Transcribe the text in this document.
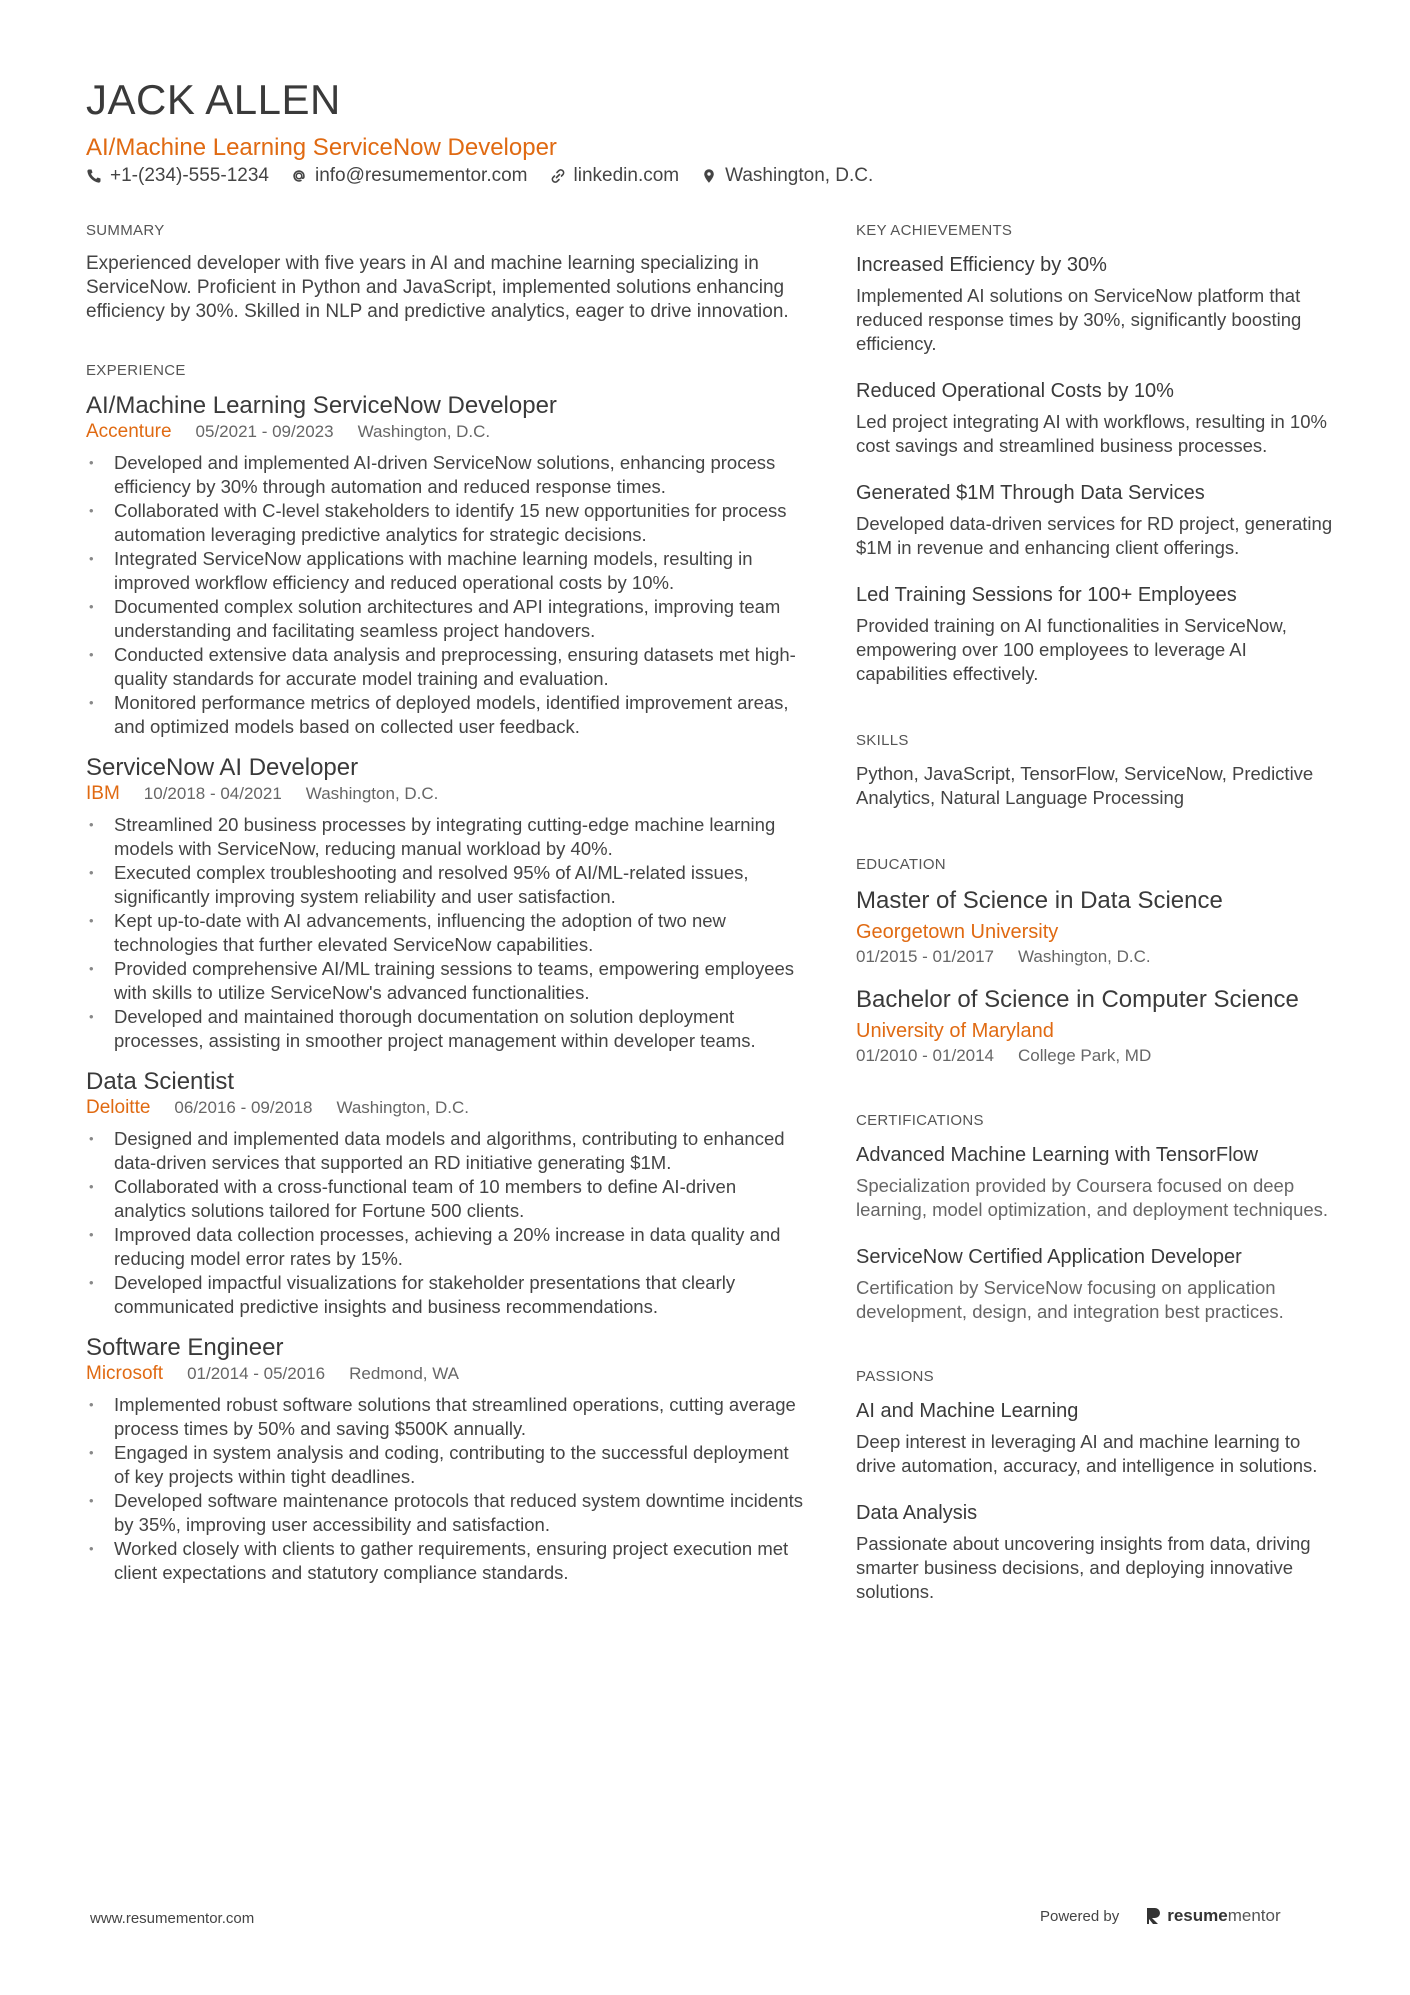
JACK ALLEN
AI/Machine Learning ServiceNow Developer
+1-(234)-555-1234 info@resumementor.com linkedin.com Washington, D.C.
SUMMARY
Experienced developer with five years in AI and machine learning specializing in ServiceNow. Proficient in Python and JavaScript, implemented solutions enhancing efficiency by 30%. Skilled in NLP and predictive analytics, eager to drive innovation.
EXPERIENCE
AI/Machine Learning ServiceNow Developer
Accenture 05/2021 - 09/2023 Washington, D.C.
• Developed and implemented AI-driven ServiceNow solutions, enhancing process efficiency by 30% through automation and reduced response times.
• Collaborated with C-level stakeholders to identify 15 new opportunities for process automation leveraging predictive analytics for strategic decisions.
• Integrated ServiceNow applications with machine learning models, resulting in improved workflow efficiency and reduced operational costs by 10%.
• Documented complex solution architectures and API integrations, improving team understanding and facilitating seamless project handovers.
• Conducted extensive data analysis and preprocessing, ensuring datasets met high-quality standards for accurate model training and evaluation.
• Monitored performance metrics of deployed models, identified improvement areas, and optimized models based on collected user feedback.
ServiceNow AI Developer
IBM 10/2018 - 04/2021 Washington, D.C.
• Streamlined 20 business processes by integrating cutting-edge machine learning models with ServiceNow, reducing manual workload by 40%.
• Executed complex troubleshooting and resolved 95% of AI/ML-related issues, significantly improving system reliability and user satisfaction.
• Kept up-to-date with AI advancements, influencing the adoption of two new technologies that further elevated ServiceNow capabilities.
• Provided comprehensive AI/ML training sessions to teams, empowering employees with skills to utilize ServiceNow's advanced functionalities.
• Developed and maintained thorough documentation on solution deployment processes, assisting in smoother project management within developer teams.
Data Scientist
Deloitte 06/2016 - 09/2018 Washington, D.C.
• Designed and implemented data models and algorithms, contributing to enhanced data-driven services that supported an RD initiative generating $1M.
• Collaborated with a cross-functional team of 10 members to define AI-driven analytics solutions tailored for Fortune 500 clients.
• Improved data collection processes, achieving a 20% increase in data quality and reducing model error rates by 15%.
• Developed impactful visualizations for stakeholder presentations that clearly communicated predictive insights and business recommendations.
Software Engineer
Microsoft 01/2014 - 05/2016 Redmond, WA
• Implemented robust software solutions that streamlined operations, cutting average process times by 50% and saving $500K annually.
• Engaged in system analysis and coding, contributing to the successful deployment of key projects within tight deadlines.
• Developed software maintenance protocols that reduced system downtime incidents by 35%, improving user accessibility and satisfaction.
• Worked closely with clients to gather requirements, ensuring project execution met client expectations and statutory compliance standards.
KEY ACHIEVEMENTS
Increased Efficiency by 30%
Implemented AI solutions on ServiceNow platform that reduced response times by 30%, significantly boosting efficiency.
Reduced Operational Costs by 10%
Led project integrating AI with workflows, resulting in 10% cost savings and streamlined business processes.
Generated $1M Through Data Services
Developed data-driven services for RD project, generating $1M in revenue and enhancing client offerings.
Led Training Sessions for 100+ Employees
Provided training on AI functionalities in ServiceNow, empowering over 100 employees to leverage AI capabilities effectively.
SKILLS
Python, JavaScript, TensorFlow, ServiceNow, Predictive Analytics, Natural Language Processing
EDUCATION
Master of Science in Data Science
Georgetown University
01/2015 - 01/2017 Washington, D.C.
Bachelor of Science in Computer Science
University of Maryland
01/2010 - 01/2014 College Park, MD
CERTIFICATIONS
Advanced Machine Learning with TensorFlow
Specialization provided by Coursera focused on deep learning, model optimization, and deployment techniques.
ServiceNow Certified Application Developer
Certification by ServiceNow focusing on application development, design, and integration best practices.
PASSIONS
AI and Machine Learning
Deep interest in leveraging AI and machine learning to drive automation, accuracy, and intelligence in solutions.
Data Analysis
Passionate about uncovering insights from data, driving smarter business decisions, and deploying innovative solutions.
www.resumementor.com	Powered by	resume mentor
